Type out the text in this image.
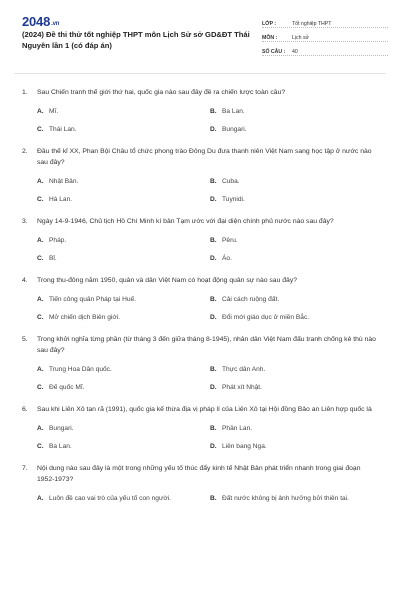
2048.vn
(2024) Đề thi thử tốt nghiệp THPT môn Lịch Sử sở GD&ĐT Thái Nguyên lần 1 (có đáp án)
LỚP :	Tốt nghiệp THPT
MÔN :	Lịch sử
SỐ CÂU :	40
1.	Sau Chiến tranh thế giới thứ hai, quốc gia nào sau đây đề ra chiến lược toàn cầu?
A. Mĩ.	B. Ba Lan.
C. Thái Lan.	D. Bungari.
2.	Đầu thế kỉ XX, Phan Bội Châu tổ chức phong trào Đông Du đưa thanh niên Việt Nam sang học tập ở nước nào sau đây?
A. Nhật Bản.	B. Cuba.
C. Hà Lan.	D. Tuynidi.
3.	Ngày 14-9-1946, Chủ tịch Hồ Chí Minh kí bản Tạm ước với đại diện chính phủ nước nào sau đây?
A. Pháp.	B. Pêru.
C. Bỉ.	D. Áo.
4.	Trong thu-đông năm 1950, quân và dân Việt Nam có hoạt động quân sự nào sau đây?
A. Tiến công quân Pháp tại Huế.	B. Cải cách ruộng đất.
C. Mở chiến dịch Biên giới.	D. Đổi mới giáo dục ở miền Bắc.
5.	Trong khởi nghĩa từng phần (từ tháng 3 đến giữa tháng 8-1945), nhân dân Việt Nam đấu tranh chống kẻ thù nào sau đây?
A. Trung Hoa Dân quốc.	B. Thực dân Anh.
C. Đế quốc Mĩ.	D. Phát xít Nhật.
6.	Sau khi Liên Xô tan rã (1991), quốc gia kế thừa địa vị pháp lí của Liên Xô tại Hội đồng Bảo an Liên hợp quốc là
A. Bungari.	B. Phần Lan.
C. Ba Lan.	D. Liên bang Nga.
7.	Nội dung nào sau đây là một trong những yếu tố thúc đẩy kinh tế Nhật Bản phát triển nhanh trong giai đoạn 1952-1973?
A. Luôn đề cao vai trò của yếu tố con người.	B. Đất nước không bị ảnh hưởng bởi thiên tai.
